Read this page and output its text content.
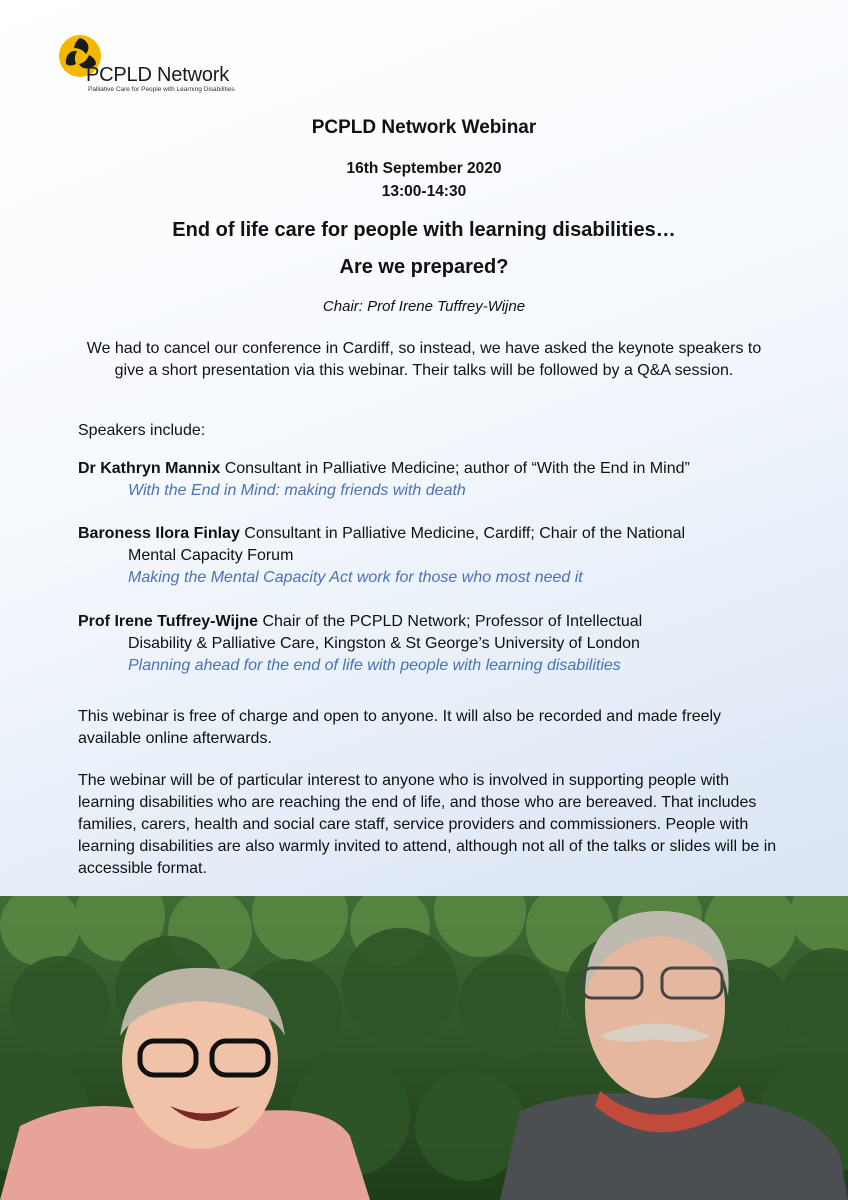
PCPLD Network
Palliative Care for People with Learning Disabilities
PCPLD Network Webinar
16th September 2020
13:00-14:30
End of life care for people with learning disabilities…
Are we prepared?
Chair: Prof Irene Tuffrey-Wijne
We had to cancel our conference in Cardiff, so instead, we have asked the keynote speakers to give a short presentation via this webinar. Their talks will be followed by a Q&A session.
Speakers include:
Dr Kathryn Mannix Consultant in Palliative Medicine; author of “With the End in Mind”
With the End in Mind: making friends with death
Baroness Ilora Finlay Consultant in Palliative Medicine, Cardiff; Chair of the National
Mental Capacity Forum
Making the Mental Capacity Act work for those who most need it
Prof Irene Tuffrey-Wijne Chair of the PCPLD Network; Professor of Intellectual
Disability & Palliative Care, Kingston & St George’s University of London
Planning ahead for the end of life with people with learning disabilities
This webinar is free of charge and open to anyone. It will also be recorded and made freely available online afterwards.
The webinar will be of particular interest to anyone who is involved in supporting people with learning disabilities who are reaching the end of life, and those who are bereaved. That includes families, carers, health and social care staff, service providers and commissioners. People with learning disabilities are also warmly invited to attend, although not all of the talks or slides will be in accessible format.
